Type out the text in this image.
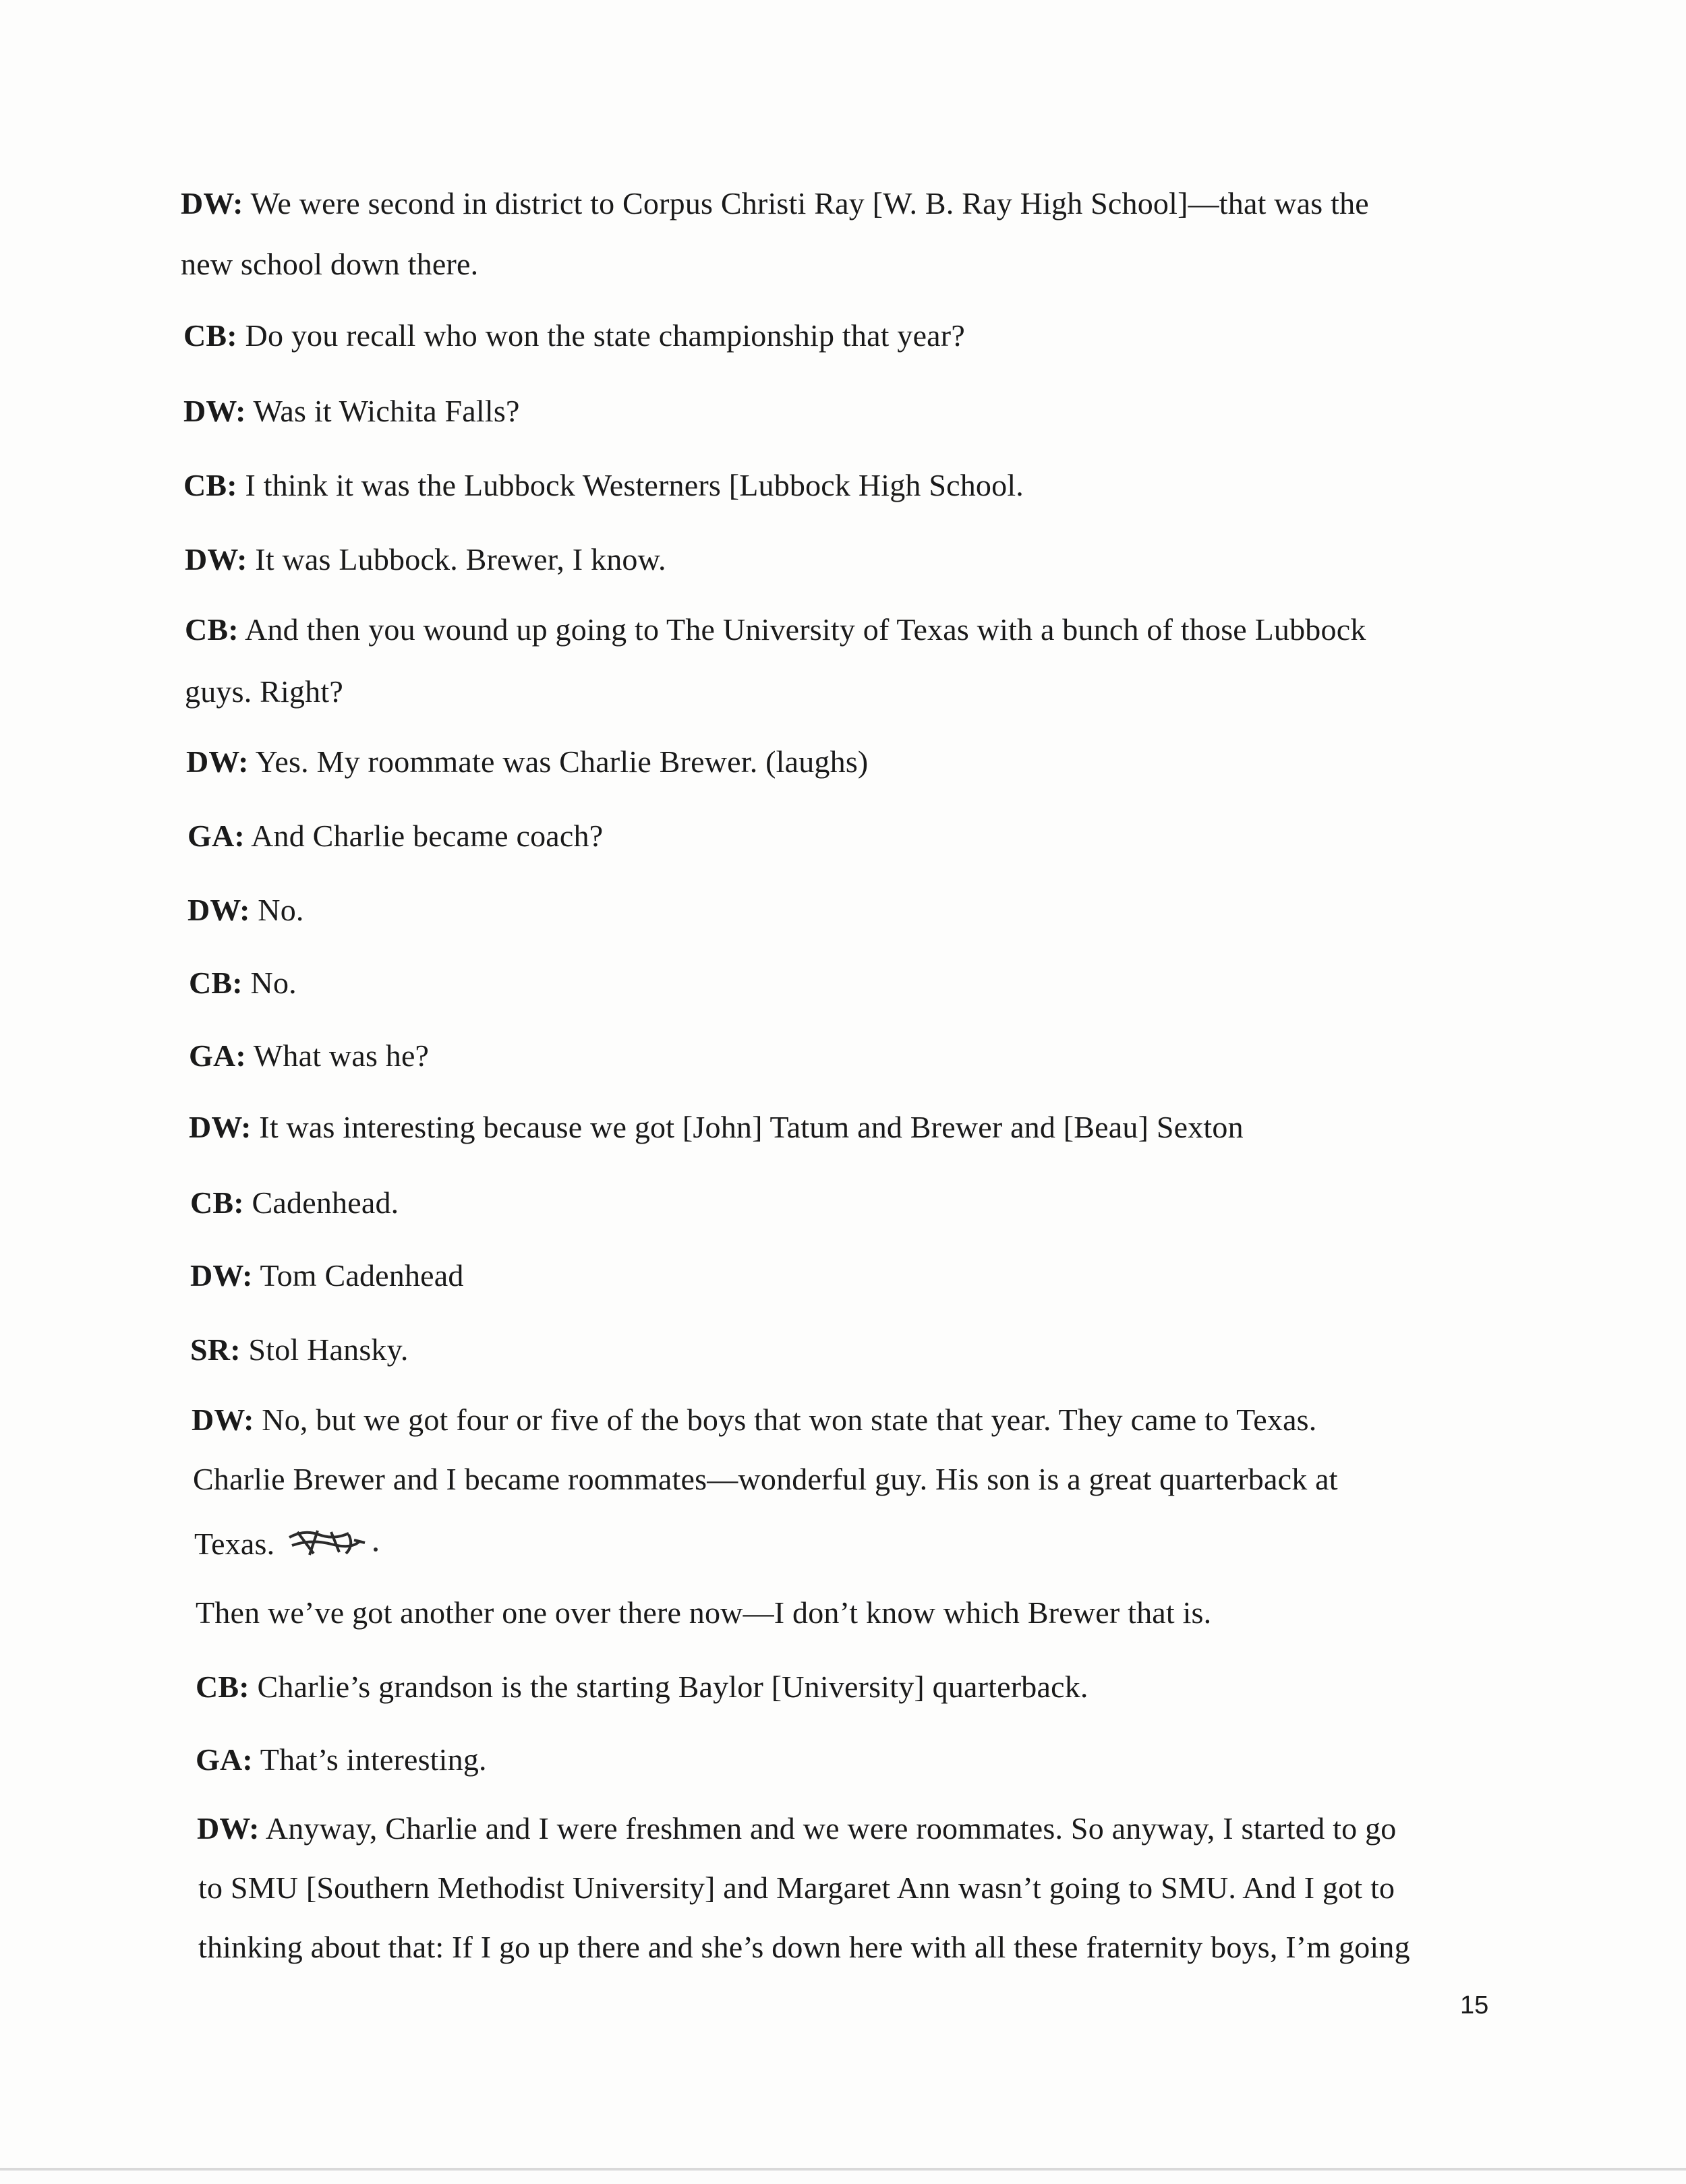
DW: We were second in district to Corpus Christi Ray [W. B. Ray High School]—that was the
new school down there.
CB: Do you recall who won the state championship that year?
DW: Was it Wichita Falls?
CB: I think it was the Lubbock Westerners [Lubbock High School.
DW: It was Lubbock. Brewer, I know.
CB: And then you wound up going to The University of Texas with a bunch of those Lubbock
guys. Right?
DW: Yes. My roommate was Charlie Brewer. (laughs)
GA: And Charlie became coach?
DW: No.
CB: No.
GA: What was he?
DW: It was interesting because we got [John] Tatum and Brewer and [Beau] Sexton
CB: Cadenhead.
DW: Tom Cadenhead
SR: Stol Hansky.
DW: No, but we got four or five of the boys that won state that year. They came to Texas.
Charlie Brewer and I became roommates—wonderful guy. His son is a great quarterback at
Texas.
Then we’ve got another one over there now—I don’t know which Brewer that is.
CB: Charlie’s grandson is the starting Baylor [University] quarterback.
GA: That’s interesting.
DW: Anyway, Charlie and I were freshmen and we were roommates. So anyway, I started to go
to SMU [Southern Methodist University] and Margaret Ann wasn’t going to SMU. And I got to
thinking about that: If I go up there and she’s down here with all these fraternity boys, I’m going
15
